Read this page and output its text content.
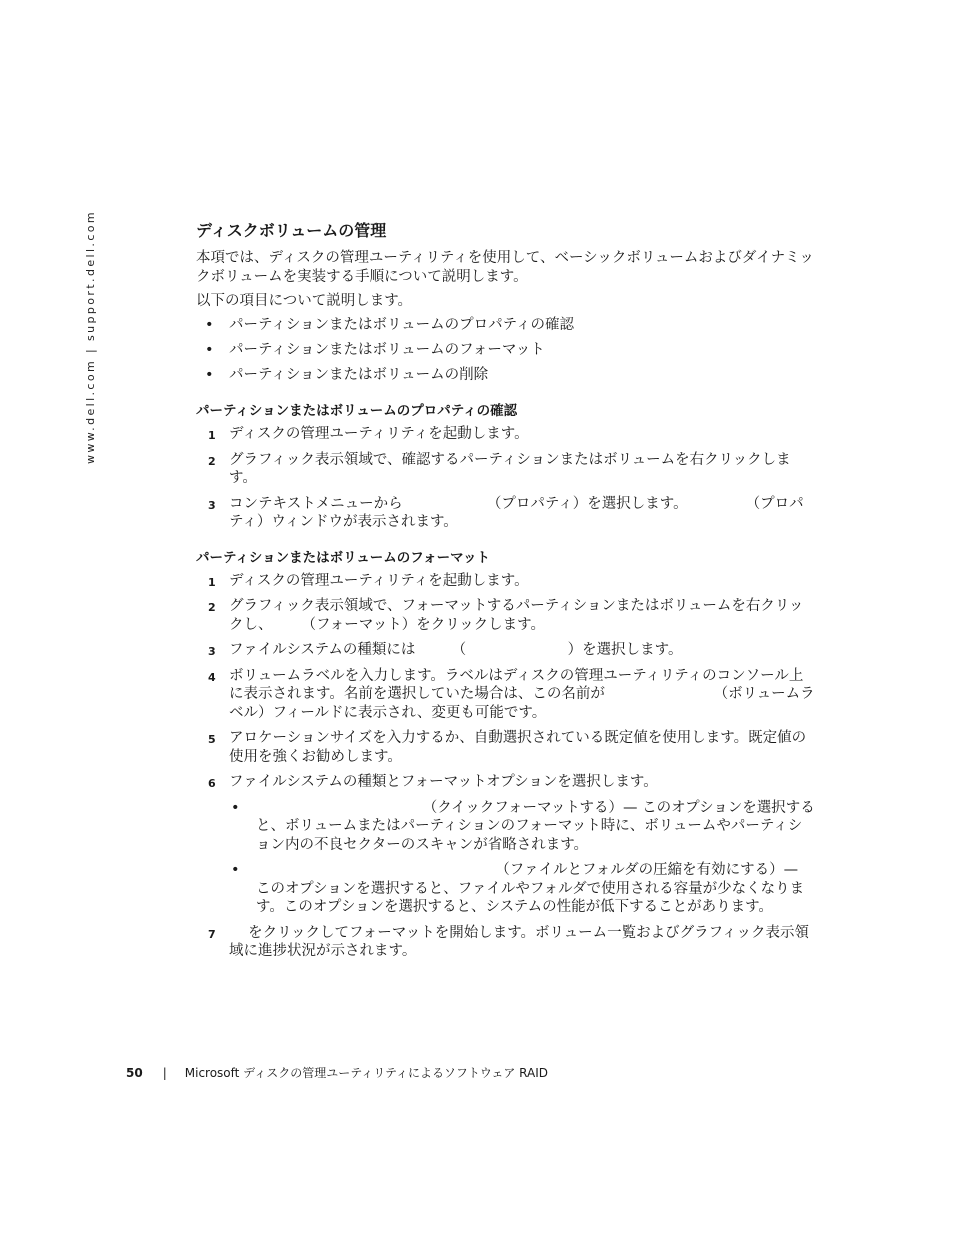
www.dell.com | support.dell.com	ディスクボリュームの管理

本項では、ディスクの管理ユーティリティを使用して、ベーシックボリュームおよびダイナミックボリュームを実装する手順について説明します。

以下の項目について説明します。

• パーティションまたはボリュームのプロパティの確認
• パーティションまたはボリュームのフォーマット
• パーティションまたはボリュームの削除
パーティションまたはボリュームのプロパティの確認
1 ディスクの管理ユーティリティを起動します。
2 グラフィック表示領域で、確認するパーティションまたはボリュームを右クリックします。
3 コンテキストメニューから 　　　　　　（プロパティ）を選択します。　　　　　（プロパティ）ウィンドウが表示されます。
パーティションまたはボリュームのフォーマット
1 ディスクの管理ユーティリティを起動します。
2 グラフィック表示領域で、フォーマットするパーティションまたはボリュームを右クリックし、　　　（フォーマット）をクリックします。
3 ファイルシステムの種類には　　　（　　　　　　　）を選択します。
4 ボリュームラベルを入力します。ラベルはディスクの管理ユーティリティのコンソール上に表示されます。名前を選択していた場合は、この名前が　　　　　　　　（ボリュームラベル）フィールドに表示され、変更も可能です。
5 アロケーションサイズを入力するか、自動選択されている既定値を使用します。既定値の使用を強くお勧めします。
6 ファイルシステムの種類とフォーマットオプションを選択します。
• 　　　　　　　　　　　　（クイックフォーマットする）— このオプションを選択すると、ボリュームまたはパーティションのフォーマット時に、ボリュームやパーティション内の不良セクターのスキャンが省略されます。
• 　　　　　　　　　　　　　　　　　（ファイルとフォルダの圧縮を有効にする）— このオプションを選択すると、ファイルやフォルダで使用される容量が少なくなります。このオプションを選択すると、システムの性能が低下することがあります。
7 　 をクリックしてフォーマットを開始します。ボリューム一覧およびグラフィック表示領域に進捗状況が示されます。
50 | Microsoft ディスクの管理ユーティリティによるソフトウェア RAID
